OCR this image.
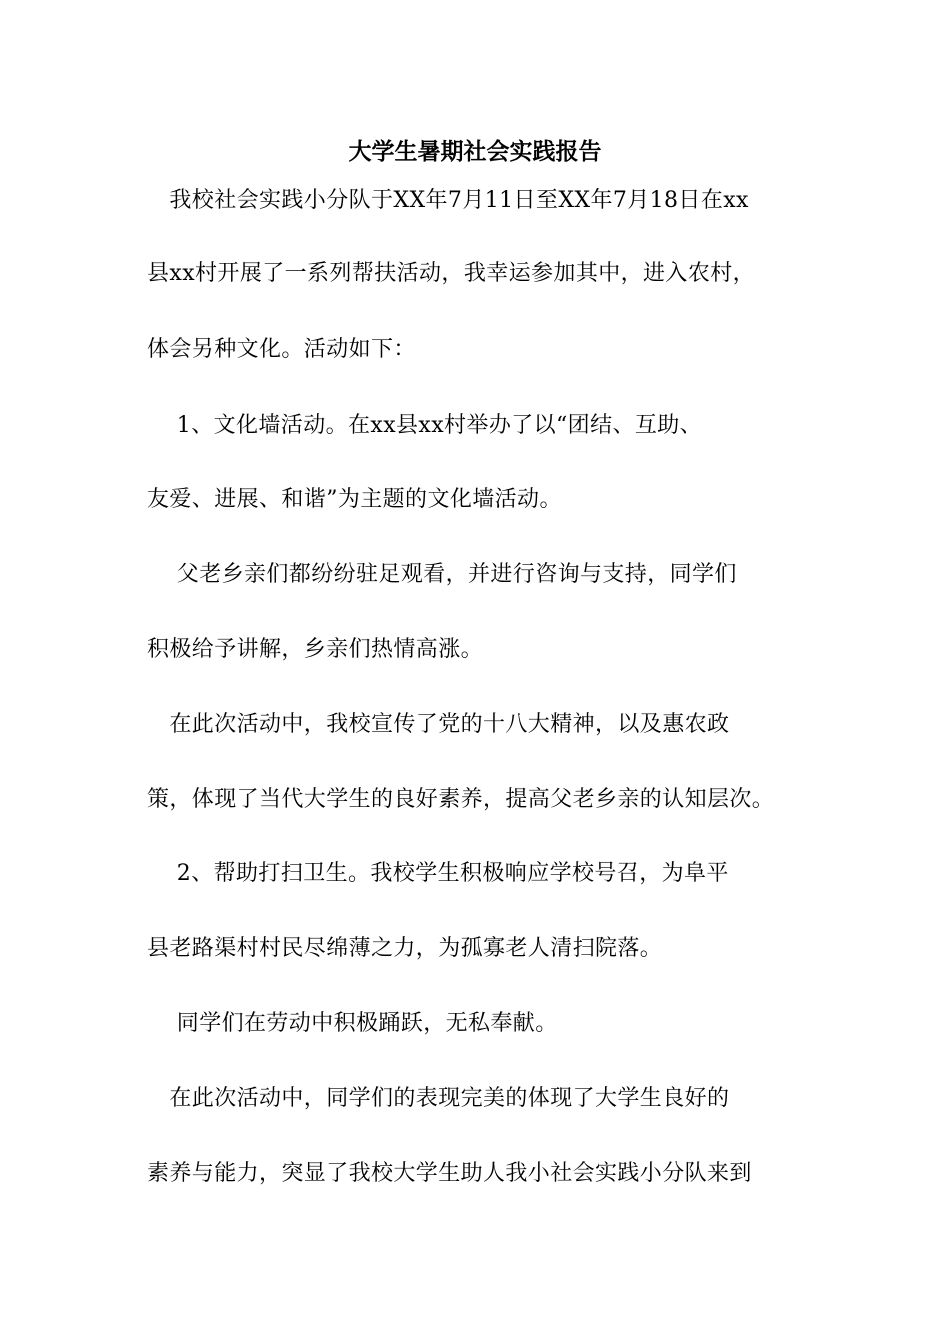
大学生暑期社会实践报告
　我校社会实践小分队于XX年7月11日至XX年7月18日在xx
县xx村开展了一系列帮扶活动，我幸运参加其中，进入农村，
体会另种文化。活动如下：
　 1、文化墙活动。在xx县xx村举办了以“团结、互助、
友爱、进展、和谐”为主题的文化墙活动。
　 父老乡亲们都纷纷驻足观看，并进行咨询与支持，同学们
积极给予讲解，乡亲们热情高涨。
　在此次活动中，我校宣传了党的十八大精神，以及惠农政
策，体现了当代大学生的良好素养，提高父老乡亲的认知层次。
　 2、帮助打扫卫生。我校学生积极响应学校号召，为阜平
县老路渠村村民尽绵薄之力，为孤寡老人清扫院落。
　 同学们在劳动中积极踊跃，无私奉献。
　在此次活动中，同学们的表现完美的体现了大学生良好的
素养与能力，突显了我校大学生助人我小社会实践小分队来到
